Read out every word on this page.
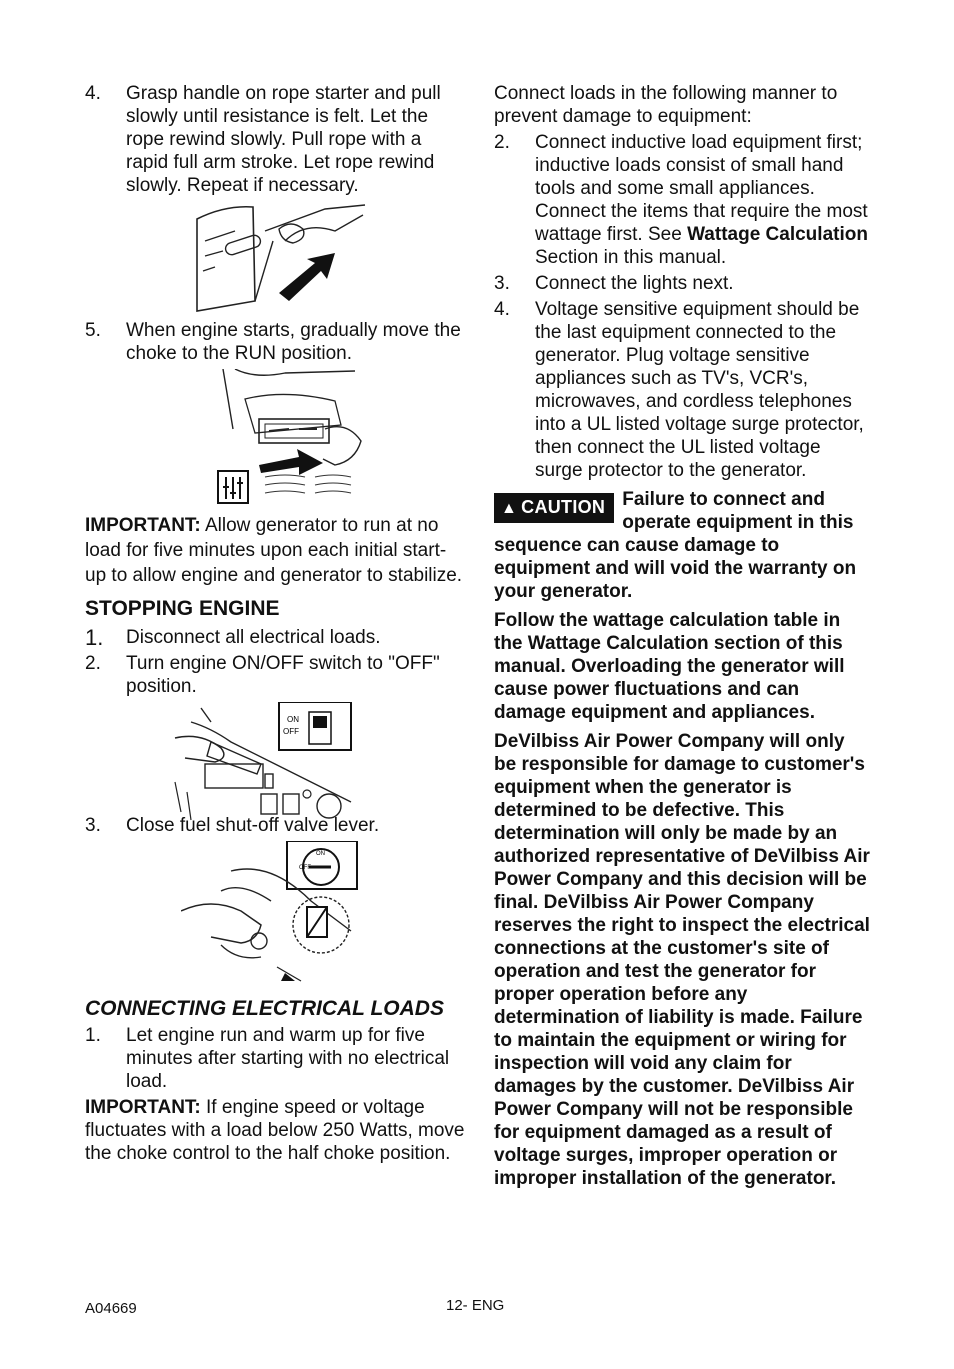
4.	Grasp handle on rope starter and pull slowly until resistance is felt. Let the rope rewind slowly. Pull rope with a rapid full arm stroke. Let rope rewind slowly. Repeat if necessary.
5.	When engine starts, gradually move the choke to the RUN position.
IMPORTANT: Allow generator to run at no load for five minutes upon each initial start-up to allow engine and generator to stabilize.
STOPPING ENGINE
1.	Disconnect all electrical loads.
2.	Turn engine ON/OFF switch to "OFF" position.
ON
OFF
3.	Close fuel shut-off valve lever.
ON
OFF
CONNECTING ELECTRICAL LOADS
1.	Let engine run and warm up for five minutes after starting with no electrical load.
IMPORTANT: If engine speed or voltage fluctuates with a load below 250 Watts, move the choke control to the half choke position.
Connect loads in the following manner to prevent damage to equipment:
2.	Connect inductive load equipment first; inductive loads consist of small hand tools and some small appliances. Connect the items that require the most wattage first. See Wattage Calculation Section in this manual.
3.	Connect the lights next.
4.	Voltage sensitive equipment should be the last equipment connected to the generator. Plug voltage sensitive appliances such as TV's, VCR's, microwaves, and cordless telephones into a UL listed voltage surge protector, then connect the UL listed voltage surge protector to the generator.
▲ CAUTION Failure to connect and operate equipment in this sequence can cause damage to equipment and will void the warranty on your generator.
Follow the wattage calculation table in the Wattage Calculation section of this manual. Overloading the generator will cause power fluctuations and can damage equipment and appliances.
DeVilbiss Air Power Company will only be responsible for damage to customer's equipment when the generator is determined to be defective. This determination will only be made by an authorized representative of DeVilbiss Air Power Company and this decision will be final. DeVilbiss Air Power Company reserves the right to inspect the electrical connections at the customer's site of operation and test the generator for proper operation before any determination of liability is made. Failure to maintain the equipment or wiring for inspection will void any claim for damages by the customer. DeVilbiss Air Power Company will not be responsible for equipment damaged as a result of voltage surges, improper operation or improper installation of the generator.
A04669	12- ENG
